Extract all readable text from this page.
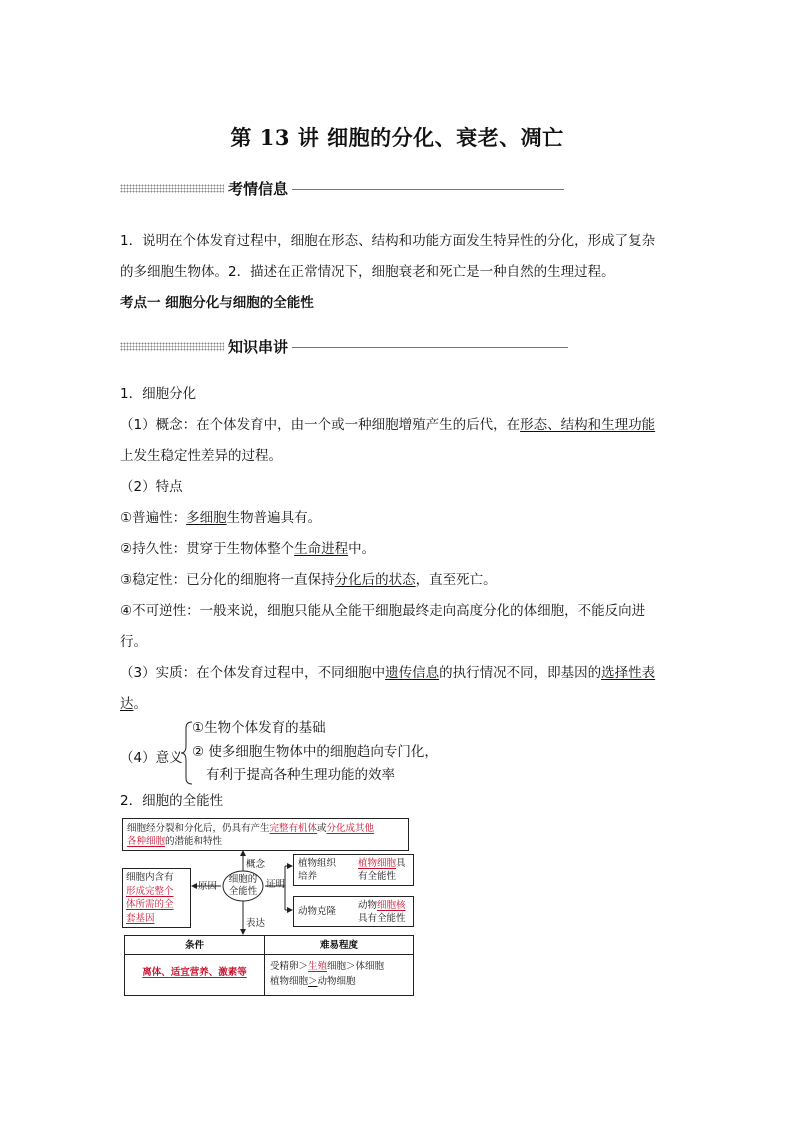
第 13 讲 细胞的分化、衰老、凋亡
考情信息
1．说明在个体发育过程中，细胞在形态、结构和功能方面发生特异性的分化，形成了复杂
的多细胞生物体。2．描述在正常情况下，细胞衰老和死亡是一种自然的生理过程。
考点一 细胞分化与细胞的全能性
知识串讲
1．细胞分化
（1）概念：在个体发育中，由一个或一种细胞增殖产生的后代，在形态、结构和生理功能
上发生稳定性差异的过程。
（2）特点
①普遍性：多细胞生物普遍具有。
②持久性：贯穿于生物体整个生命进程中。
③稳定性：已分化的细胞将一直保持分化后的状态，直至死亡。
④不可逆性：一般来说，细胞只能从全能干细胞最终走向高度分化的体细胞，不能反向进
行。
（3）实质：在个体发育过程中，不同细胞中遗传信息的执行情况不同，即基因的选择性表
达。
（4）意义
①生物个体发育的基础
② 使多细胞生物体中的细胞趋向专门化，
有利于提高各种生理功能的效率
2．细胞的全能性
细胞经分裂和分化后，仍具有产生完整有机体或分化成其他
各种细胞的潜能和特性
概念
细胞内含有
形成完整个
体所需的全
套基因
原因
细胞的
全能性
证明
表达
植物组织
培养
植物细胞具
有全能性
动物克隆
动物细胞核
具有全能性
条件	难易程度
离体、适宜营养、激素等
受精卵＞生殖细胞＞体细胞
植物细胞＞动物细胞
